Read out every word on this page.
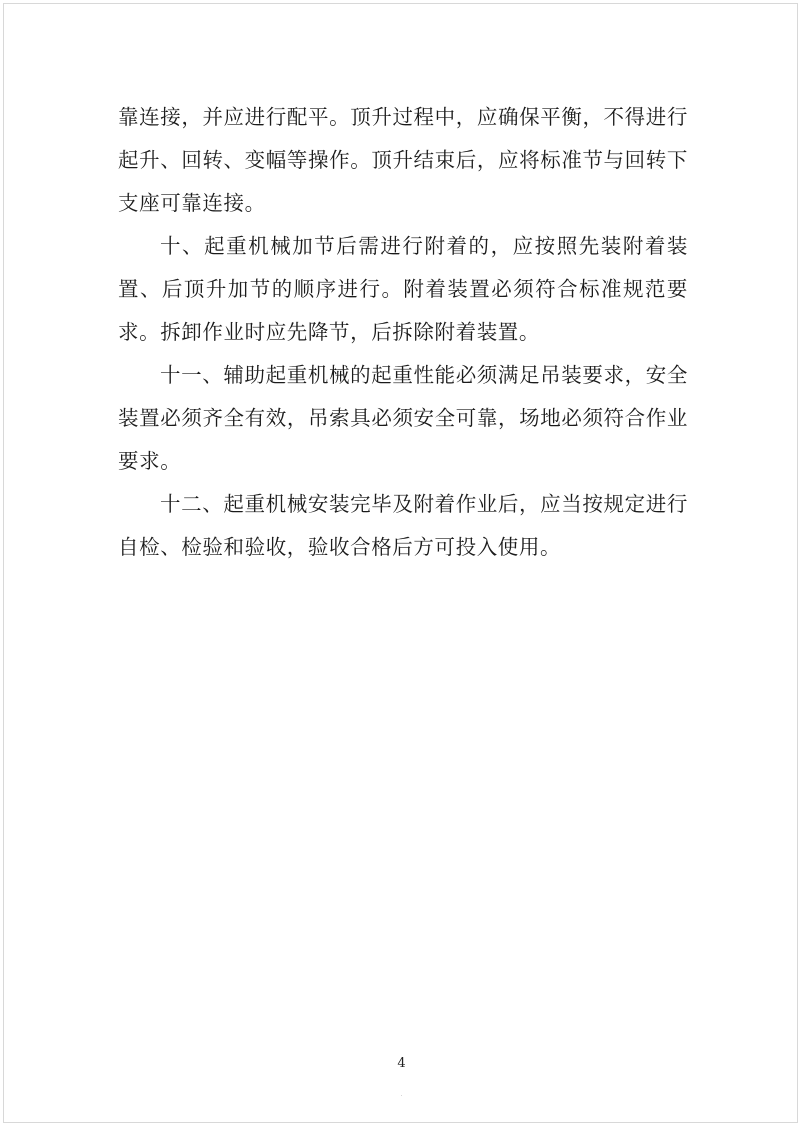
靠连接，并应进行配平。顶升过程中，应确保平衡，不得进行起升、回转、变幅等操作。顶升结束后，应将标准节与回转下支座可靠连接。

十、起重机械加节后需进行附着的，应按照先装附着装置、后顶升加节的顺序进行。附着装置必须符合标准规范要求。拆卸作业时应先降节，后拆除附着装置。

十一、辅助起重机械的起重性能必须满足吊装要求，安全装置必须齐全有效，吊索具必须安全可靠，场地必须符合作业要求。

十二、起重机械安装完毕及附着作业后，应当按规定进行自检、检验和验收，验收合格后方可投入使用。

4
·
